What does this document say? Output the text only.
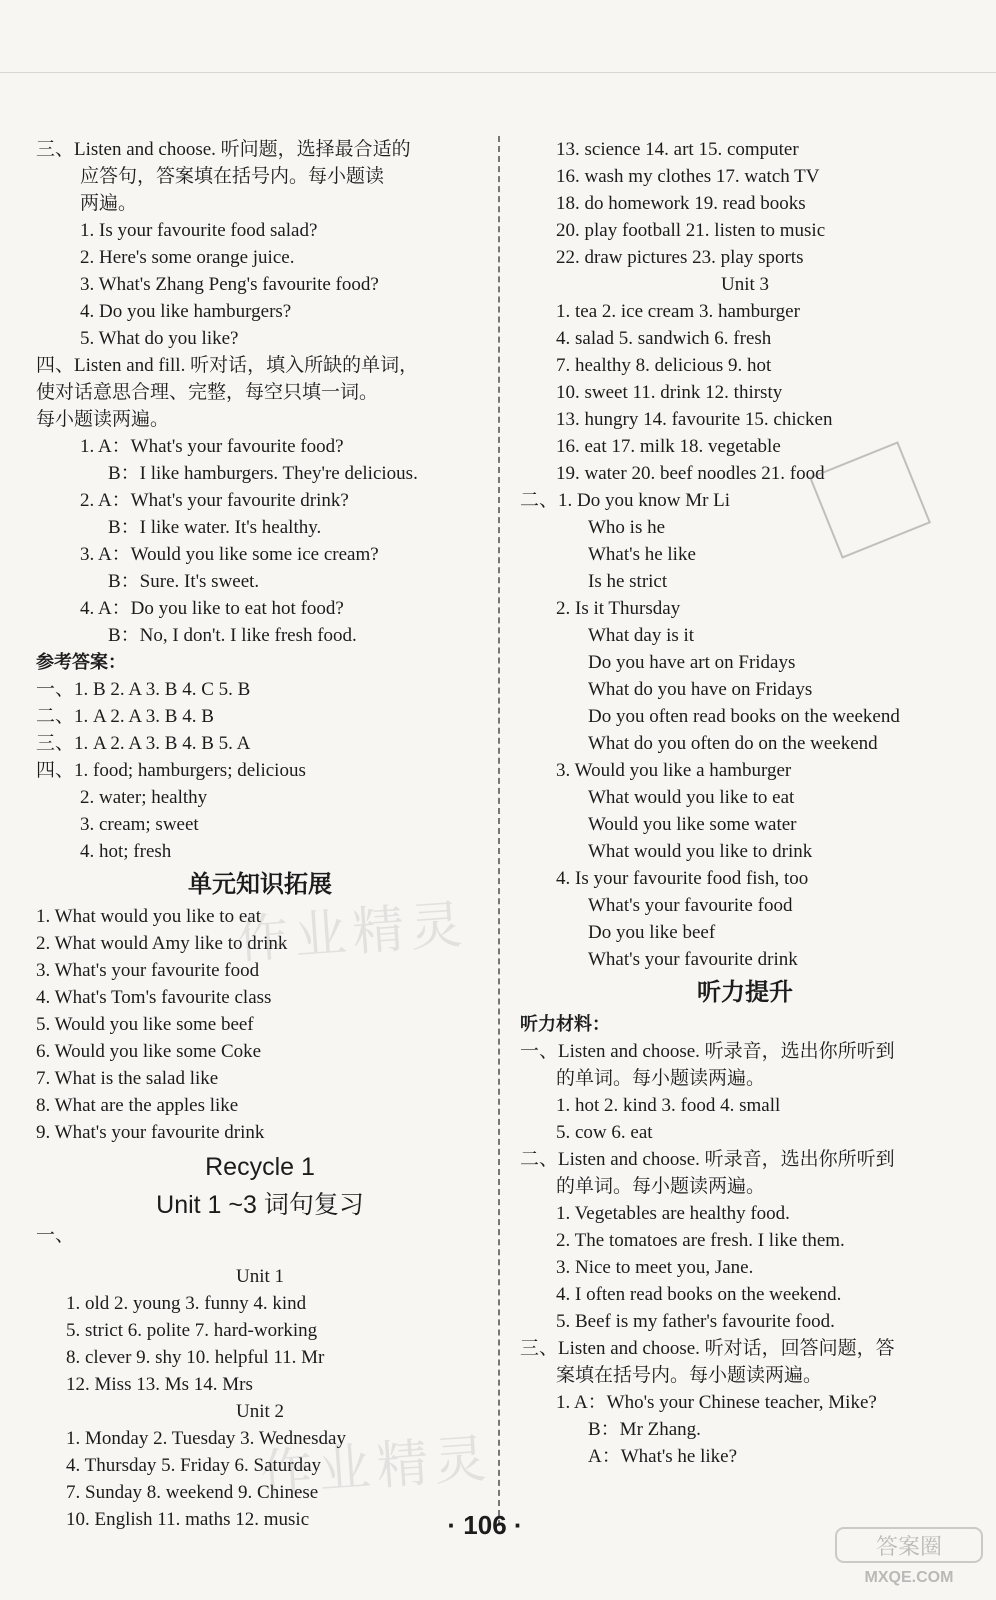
三、Listen and choose. 听问题，选择最合适的
应答句，答案填在括号内。每小题读
两遍。
1. Is your favourite food salad?
2. Here's some orange juice.
3. What's Zhang Peng's favourite food?
4. Do you like hamburgers?
5. What do you like?
四、Listen and fill. 听对话，填入所缺的单词，
使对话意思合理、完整，每空只填一词。
每小题读两遍。
1. A：What's your favourite food?
B：I like hamburgers. They're delicious.
2. A：What's your favourite drink?
B：I like water. It's healthy.
3. A：Would you like some ice cream?
B：Sure. It's sweet.
4. A：Do you like to eat hot food?
B：No, I don't. I like fresh food.
参考答案：
一、1. B 2. A 3. B 4. C 5. B
二、1. A 2. A 3. B 4. B
三、1. A 2. A 3. B 4. B 5. A
四、1. food; hamburgers; delicious
2. water; healthy
3. cream; sweet
4. hot; fresh
单元知识拓展
1. What would you like to eat
2. What would Amy like to drink
3. What's your favourite food
4. What's Tom's favourite class
5. Would you like some beef
6. Would you like some Coke
7. What is the salad like
8. What are the apples like
9. What's your favourite drink
Recycle 1
Unit 1 ~3 词句复习
一、
Unit 1
1. old 2. young 3. funny 4. kind
5. strict 6. polite 7. hard-working
8. clever 9. shy 10. helpful 11. Mr
12. Miss 13. Ms 14. Mrs
Unit 2
1. Monday 2. Tuesday 3. Wednesday
4. Thursday 5. Friday 6. Saturday
7. Sunday 8. weekend 9. Chinese
10. English 11. maths 12. music
13. science 14. art 15. computer
16. wash my clothes 17. watch TV
18. do homework 19. read books
20. play football 21. listen to music
22. draw pictures 23. play sports
Unit 3
1. tea 2. ice cream 3. hamburger
4. salad 5. sandwich 6. fresh
7. healthy 8. delicious 9. hot
10. sweet 11. drink 12. thirsty
13. hungry 14. favourite 15. chicken
16. eat 17. milk 18. vegetable
19. water 20. beef noodles 21. food
二、1. Do you know Mr Li
Who is he
What's he like
Is he strict
2. Is it Thursday
What day is it
Do you have art on Fridays
What do you have on Fridays
Do you often read books on the weekend
What do you often do on the weekend
3. Would you like a hamburger
What would you like to eat
Would you like some water
What would you like to drink
4. Is your favourite food fish, too
What's your favourite food
Do you like beef
What's your favourite drink
听力提升
听力材料：
一、Listen and choose. 听录音，选出你所听到
的单词。每小题读两遍。
1. hot 2. kind 3. food 4. small
5. cow 6. eat
二、Listen and choose. 听录音，选出你所听到
的单词。每小题读两遍。
1. Vegetables are healthy food.
2. The tomatoes are fresh. I like them.
3. Nice to meet you, Jane.
4. I often read books on the weekend.
5. Beef is my father's favourite food.
三、Listen and choose. 听对话，回答问题，答
案填在括号内。每小题读两遍。
1. A：Who's your Chinese teacher, Mike?
B：Mr Zhang.
A：What's he like?
作业精灵
作业精灵
· 106 ·
答案圈
MXQE.COM
